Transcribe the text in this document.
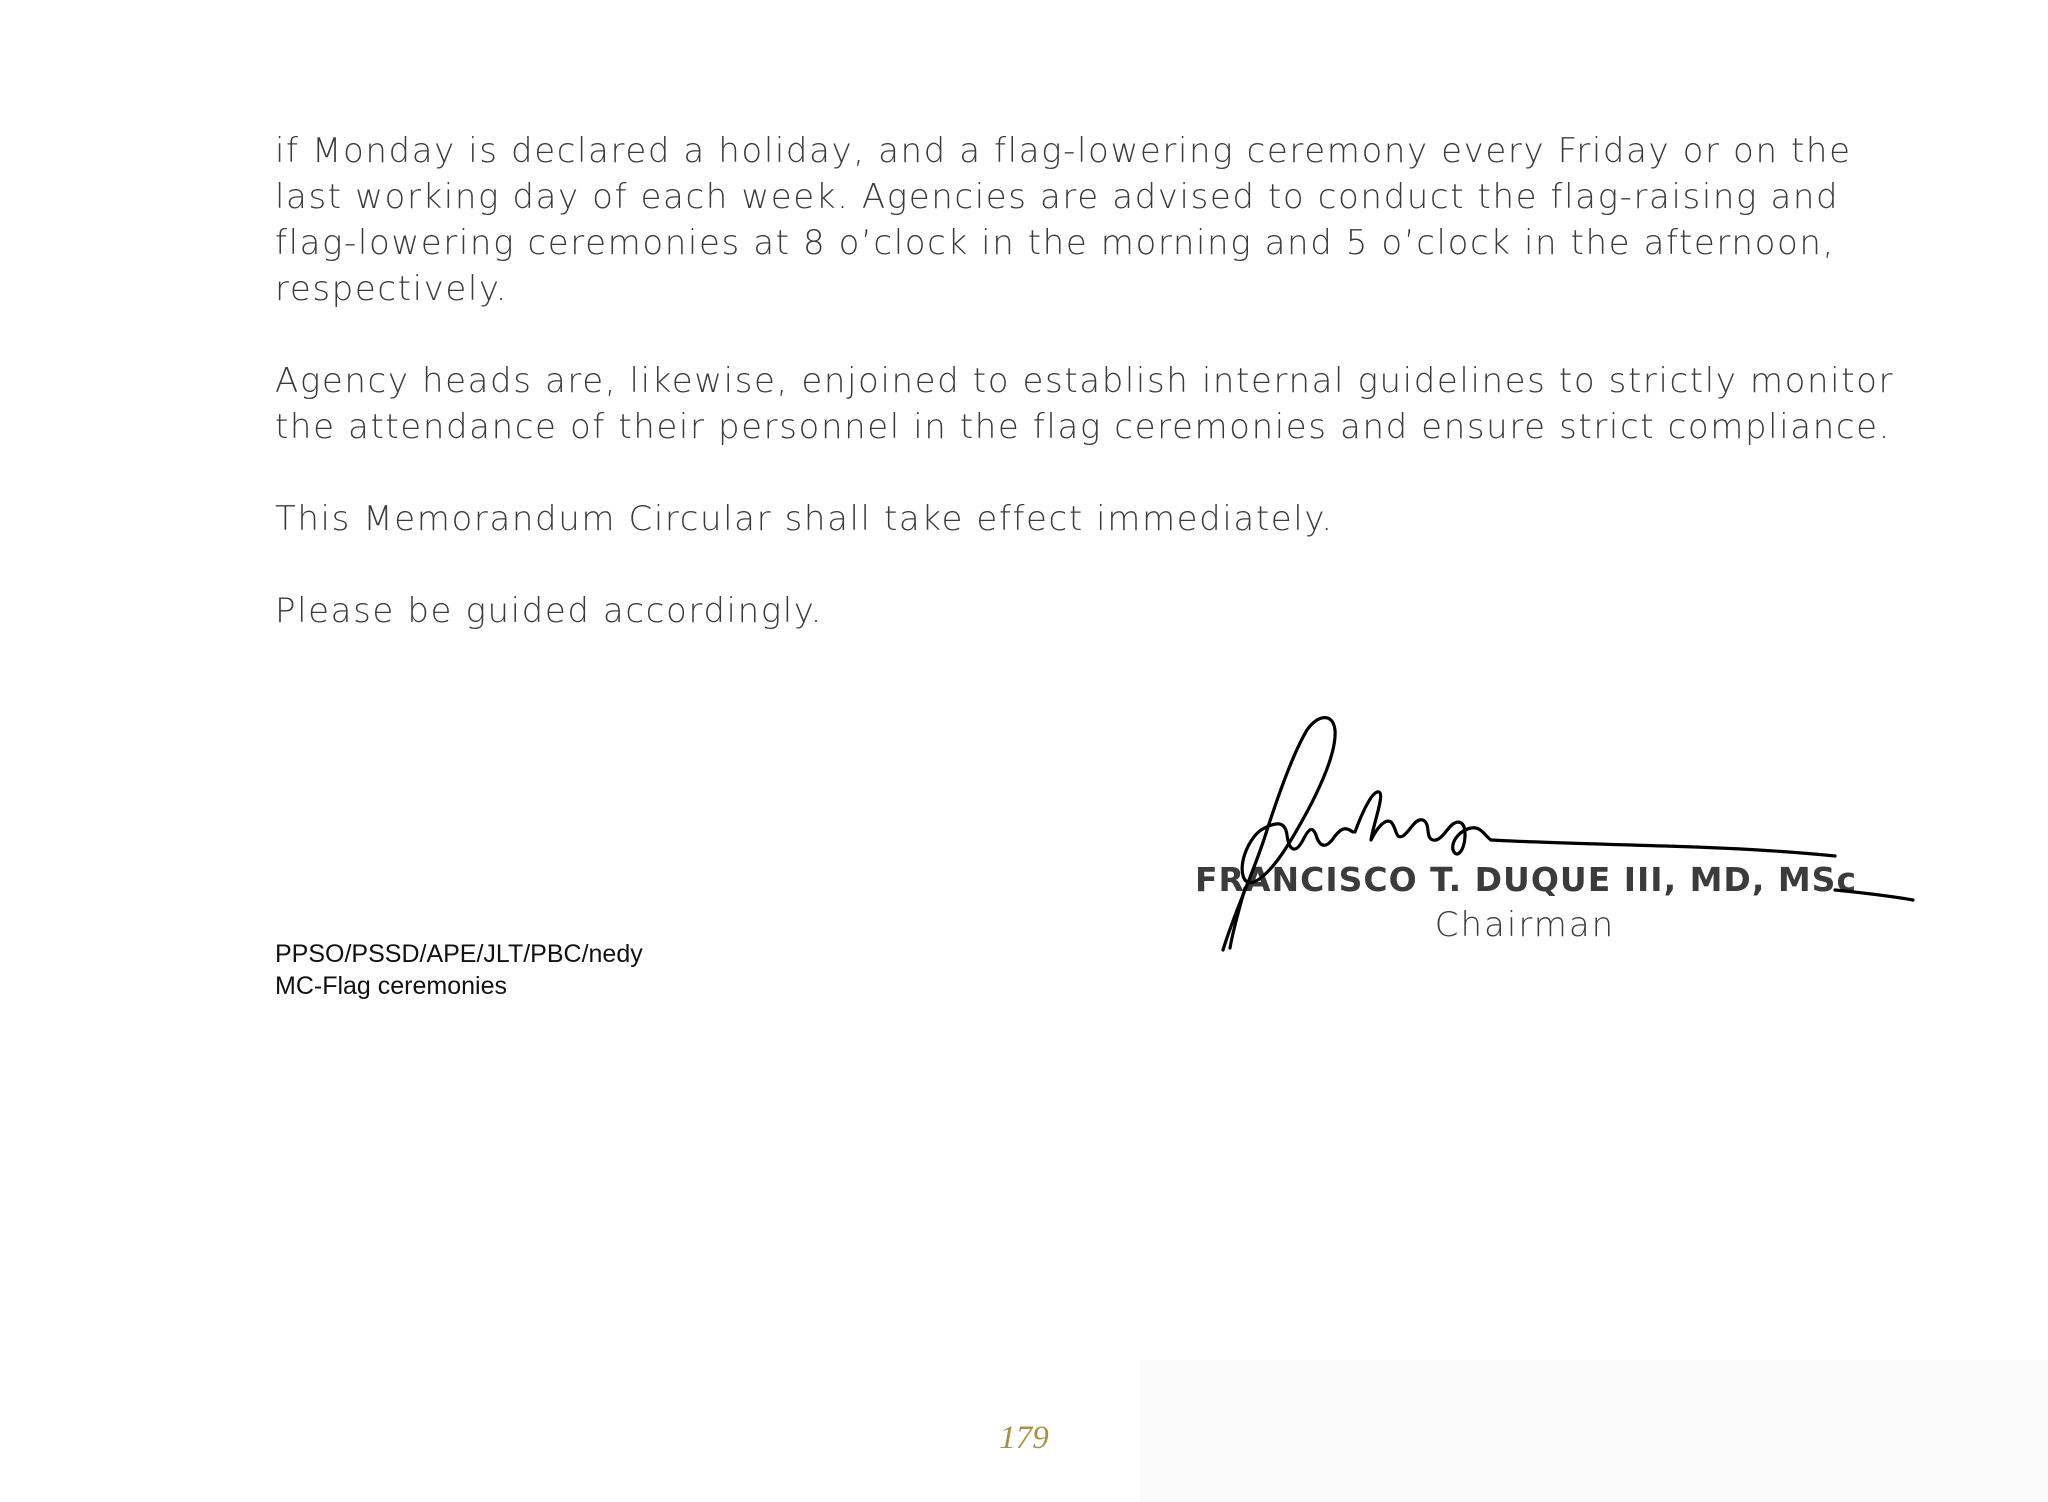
if Monday is declared a holiday, and a flag-lowering ceremony every Friday or on the last working day of each week. Agencies are advised to conduct the flag-raising and flag-lowering ceremonies at 8 o’clock in the morning and 5 o’clock in the afternoon, respectively.

Agency heads are, likewise, enjoined to establish internal guidelines to strictly monitor the attendance of their personnel in the flag ceremonies and ensure strict compliance.

This Memorandum Circular shall take effect immediately.

Please be guided accordingly.

FRANCISCO T. DUQUE III, MD, MSc
Chairman
PPSO/PSSD/APE/JLT/PBC/nedy
MC-Flag ceremonies
179
